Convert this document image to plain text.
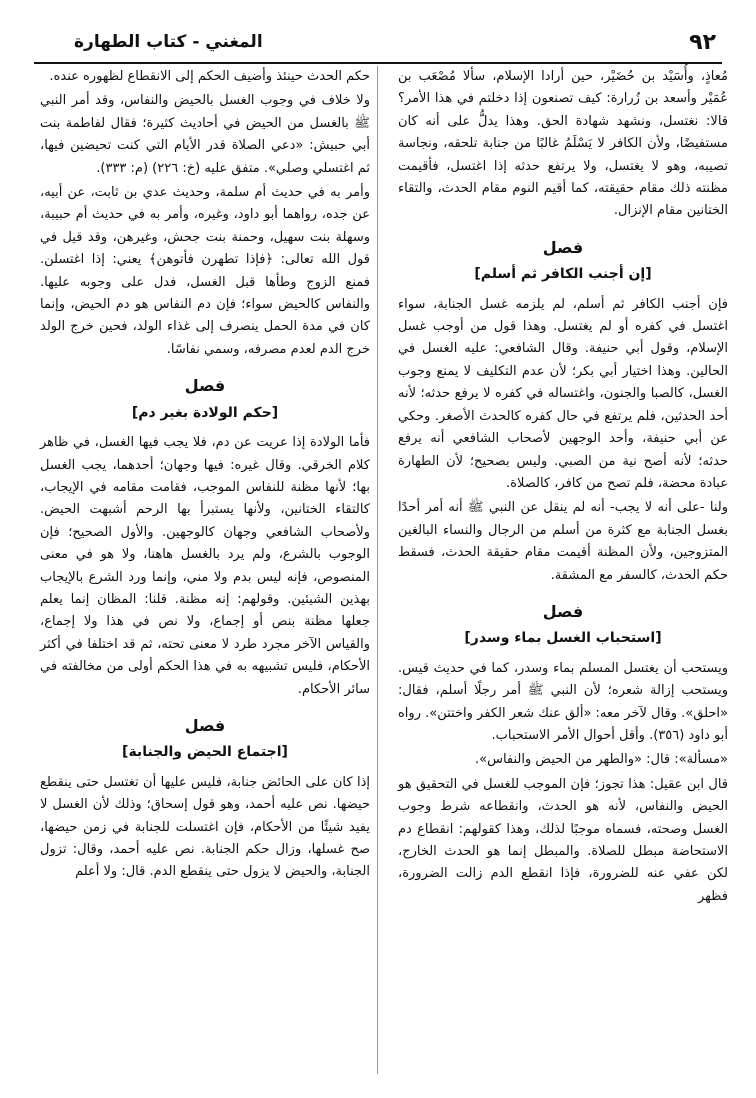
٩٢
المغني - كتاب الطهارة

مُعاذٍ، وأُسَيْد بن حُضَيْر، حين أرادا الإسلام، سألا مُصْعَب بن عُمَيْر وأسعد بن زُرارة: كيف تصنعون إذا دخلتم في هذا الأمر؟ قالا: نغتسل، ونشهد شهادة الحق. وهذا يدلُّ على أنه كان مستفيضًا، ولأن الكافر لا يَسْلَمُ غالبًا من جنابة تلحقه، ونجاسة تصيبه، وهو لا يغتسل، ولا يرتفع حدثه إذا اغتسل، فأقيمت مظنته ذلك مقام حقيقته، كما أقيم النوم مقام الحدث، والتقاء الختانين مقام الإنزال.

فصل
[إن أجنب الكافر ثم أسلم]

فإن أجنب الكافر ثم أسلم، لم يلزمه غسل الجنابة، سواء اغتسل في كفره أو لم يغتسل. وهذا قول من أوجب غسل الإسلام، وقول أبي حنيفة. وقال الشافعي: عليه الغسل في الحالين. وهذا اختيار أبي بكر؛ لأن عدم التكليف لا يمنع وجوب الغسل، كالصبا والجنون، واغتساله في كفره لا يرفع حدثه؛ لأنه أحد الحدثين، فلم يرتفع في حال كفره كالحدث الأصغر. وحكي عن أبي حنيفة، وأحد الوجهين لأصحاب الشافعي أنه يرفع حدثه؛ لأنه أصح نية من الصبي. وليس بصحيح؛ لأن الطهارة عبادة محضة، فلم تصح من كافر، كالصلاة.

ولنا -على أنه لا يجب- أنه لم ينقل عن النبي ﷺ أنه أمر أحدًا بغسل الجنابة مع كثرة من أسلم من الرجال والنساء البالغين المتزوجين، ولأن المظنة أقيمت مقام حقيقة الحدث، فسقط حكم الحدث، كالسفر مع المشقة.

فصل
[استحباب الغسل بماء وسدر]

ويستحب أن يغتسل المسلم بماء وسدر، كما في حديث قيس. ويستحب إزالة شعره؛ لأن النبي ﷺ أمر رجلًا أسلم، فقال: «احلق». وقال لآخر معه: «ألق عنك شعر الكفر واختتن». رواه أبو داود (٣٥٦). وأقل أحوال الأمر الاستحباب.

«مسألة»: قال: «والطهر من الحيض والنفاس».

قال ابن عقيل: هذا تجوز؛ فإن الموجب للغسل في التحقيق هو الحيض والنفاس، لأنه هو الحدث، وانقطاعه شرط وجوب الغسل وصحته، فسماه موجبًا لذلك، وهذا كقولهم: انقطاع دم الاستحاضة مبطل للصلاة. والمبطل إنما هو الحدث الخارج، لكن عفي عنه للضرورة، فإذا انقطع الدم زالت الضرورة، فظهر

حكم الحدث حينئذ وأضيف الحكم إلى الانقطاع لظهوره عنده.

ولا خلاف في وجوب الغسل بالحيض والنفاس، وقد أمر النبي ﷺ بالغسل من الحيض في أحاديث كثيرة؛ فقال لفاطمة بنت أبي حبيش: «دعي الصلاة قدر الأيام التي كنت تحيضين فيها، ثم اغتسلي وصلي». متفق عليه (خ: ٢٢٦) (م: ٣٣٣).

وأمر به في حديث أم سلمة، وحديث عدي بن ثابت، عن أبيه، عن جده، رواهما أبو داود، وغيره، وأمر به في حديث أم حبيبة، وسهلة بنت سهيل، وحمنة بنت جحش، وغيرهن، وقد قيل في قول الله تعالى: ﴿فإذا تطهرن فأتوهن﴾ يعني: إذا اغتسلن. فمنع الزوج وطأها قبل الغسل، فدل على وجوبه عليها. والنفاس كالحيض سواء؛ فإن دم النفاس هو دم الحيض، وإنما كان في مدة الحمل ينصرف إلى غذاء الولد، فحين خرج الولد خرج الدم لعدم مصرفه، وسمي نفاسًا.

فصل
[حكم الولادة بغير دم]

فأما الولادة إذا عريت عن دم، فلا يجب فيها الغسل، في ظاهر كلام الخرقي. وقال غيره: فيها وجهان؛ أحدهما، يجب الغسل بها؛ لأنها مظنة للنفاس الموجب، فقامت مقامه في الإيجاب، كالتقاء الختانين، ولأنها يستبرأ بها الرحم أشبهت الحيض. ولأصحاب الشافعي وجهان كالوجهين. والأول الصحيح؛ فإن الوجوب بالشرع، ولم يرد بالغسل هاهنا، ولا هو في معنى المنصوص، فإنه ليس بدم ولا مني، وإنما ورد الشرع بالإيجاب بهذين الشيئين. وقولهم: إنه مظنة. قلنا: المظان إنما يعلم جعلها مظنة بنص أو إجماع، ولا نص في هذا ولا إجماع، والقياس الآخر مجرد طرد لا معنى تحته، ثم قد اختلفا في أكثر الأحكام، فليس تشبيهه به في هذا الحكم أولى من مخالفته في سائر الأحكام.

فصل
[اجتماع الحيض والجنابة]

إذا كان على الحائض جنابة، فليس عليها أن تغتسل حتى ينقطع حيضها. نص عليه أحمد، وهو قول إسحاق؛ وذلك لأن الغسل لا يفيد شيئًا من الأحكام، فإن اغتسلت للجنابة في زمن حيضها، صح غسلها، وزال حكم الجنابة. نص عليه أحمد، وقال: تزول الجنابة، والحيض لا يزول حتى ينقطع الدم. قال: ولا أعلم
